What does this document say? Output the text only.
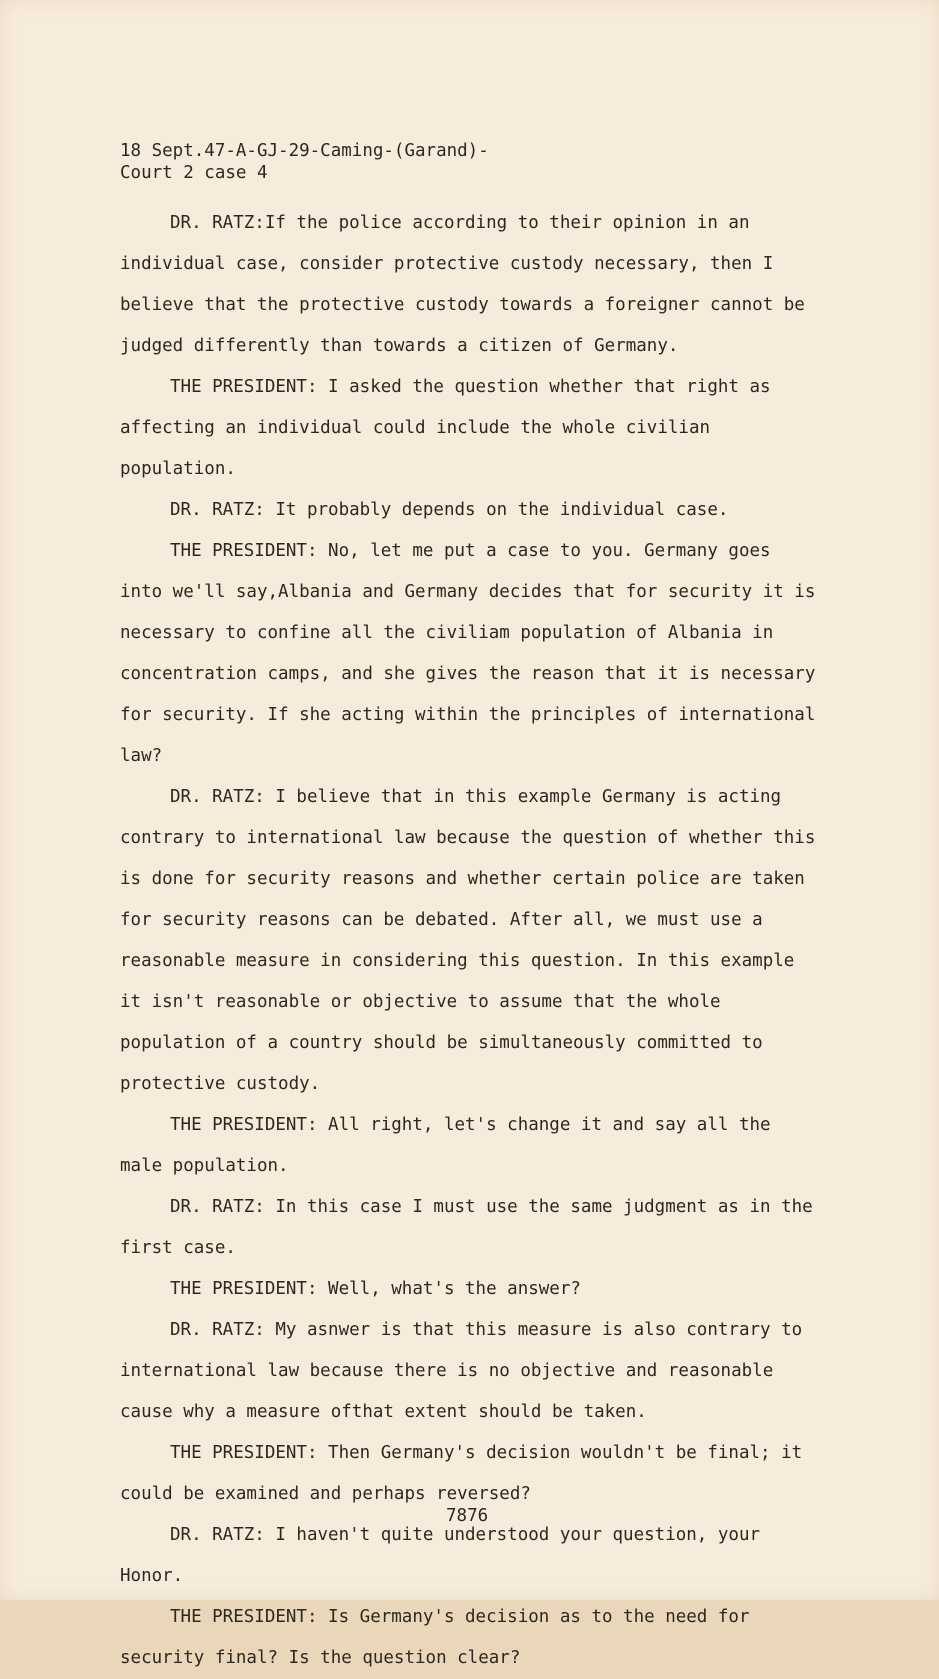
18 Sept.47-A-GJ-29-Caming-(Garand)-
Court 2 case 4

DR. RATZ:If the police according to their opinion in an individual case, consider protective custody necessary, then I believe that the protective custody towards a foreigner cannot be judged differently than towards a citizen of Germany.

THE PRESIDENT: I asked the question whether that right as affecting an individual could include the whole civilian population.

DR. RATZ: It probably depends on the individual case.

THE PRESIDENT: No, let me put a case to you. Germany goes into we'll say,Albania and Germany decides that for security it is necessary to confine all the civiliam population of Albania in concentration camps, and she gives the reason that it is necessary for security. If she acting within the principles of international law?

DR. RATZ: I believe that in this example Germany is acting contrary to international law because the question of whether this is done for security reasons and whether certain police are taken for security reasons can be debated. After all, we must use a reasonable measure in considering this question. In this example it isn't reasonable or objective to assume that the whole population of a country should be simultaneously committed to protective custody.

THE PRESIDENT: All right, let's change it and say all the male population.

DR. RATZ: In this case I must use the same judgment as in the first case.

THE PRESIDENT: Well, what's the answer?

DR. RATZ: My asnwer is that this measure is also contrary to international law because there is no objective and reasonable cause why a measure ofthat extent should be taken.

THE PRESIDENT: Then Germany's decision wouldn't be final; it could be examined and perhaps reversed?

DR. RATZ: I haven't quite understood your question, your Honor.

THE PRESIDENT: Is Germany's decision as to the need for security final? Is the question clear?

7876
